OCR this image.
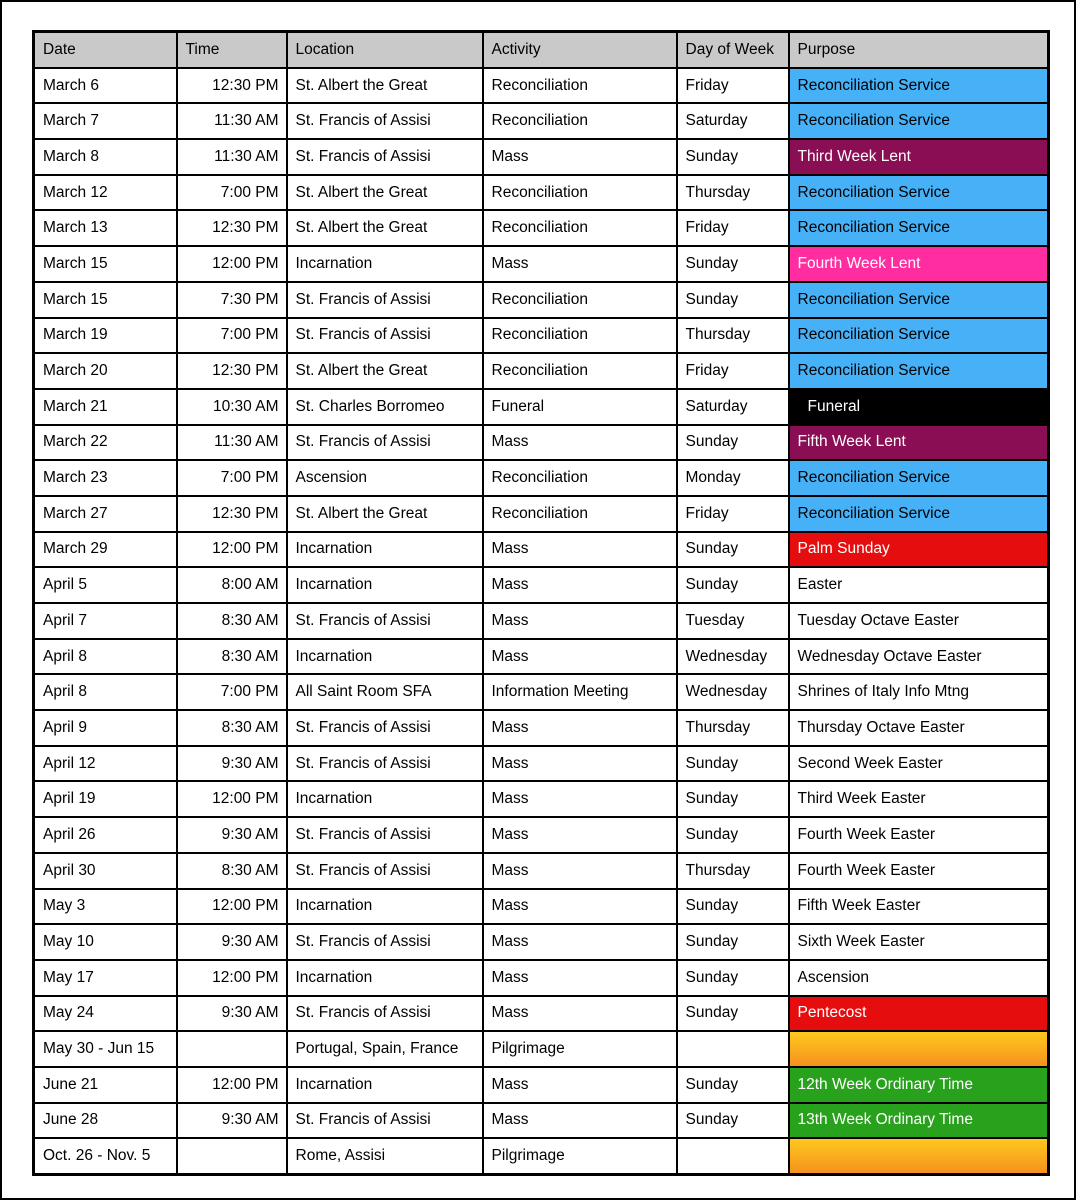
Date	Time	Location	Activity	Day of Week	Purpose
March 6	12:30 PM	St. Albert the Great	Reconciliation	Friday	Reconciliation Service
March 7	11:30 AM	St. Francis of Assisi	Reconciliation	Saturday	Reconciliation Service
March 8	11:30 AM	St. Francis of Assisi	Mass	Sunday	Third Week Lent
March 12	7:00 PM	St. Albert the Great	Reconciliation	Thursday	Reconciliation Service
March 13	12:30 PM	St. Albert the Great	Reconciliation	Friday	Reconciliation Service
March 15	12:00 PM	Incarnation	Mass	Sunday	Fourth Week Lent
March 15	7:30 PM	St. Francis of Assisi	Reconciliation	Sunday	Reconciliation Service
March 19	7:00 PM	St. Francis of Assisi	Reconciliation	Thursday	Reconciliation Service
March 20	12:30 PM	St. Albert the Great	Reconciliation	Friday	Reconciliation Service
March 21	10:30 AM	St. Charles Borromeo	Funeral	Saturday	Funeral
March 22	11:30 AM	St. Francis of Assisi	Mass	Sunday	Fifth Week Lent
March 23	7:00 PM	Ascension	Reconciliation	Monday	Reconciliation Service
March 27	12:30 PM	St. Albert the Great	Reconciliation	Friday	Reconciliation Service
March 29	12:00 PM	Incarnation	Mass	Sunday	Palm Sunday
April 5	8:00 AM	Incarnation	Mass	Sunday	Easter
April 7	8:30 AM	St. Francis of Assisi	Mass	Tuesday	Tuesday Octave Easter
April 8	8:30 AM	Incarnation	Mass	Wednesday	Wednesday Octave Easter
April 8	7:00 PM	All Saint Room SFA	Information Meeting	Wednesday	Shrines of Italy Info Mtng
April 9	8:30 AM	St. Francis of Assisi	Mass	Thursday	Thursday Octave Easter
April 12	9:30 AM	St. Francis of Assisi	Mass	Sunday	Second Week Easter
April 19	12:00 PM	Incarnation	Mass	Sunday	Third Week Easter
April 26	9:30 AM	St. Francis of Assisi	Mass	Sunday	Fourth Week Easter
April 30	8:30 AM	St. Francis of Assisi	Mass	Thursday	Fourth Week Easter
May 3	12:00 PM	Incarnation	Mass	Sunday	Fifth Week Easter
May 10	9:30 AM	St. Francis of Assisi	Mass	Sunday	Sixth Week Easter
May 17	12:00 PM	Incarnation	Mass	Sunday	Ascension
May 24	9:30 AM	St. Francis of Assisi	Mass	Sunday	Pentecost
May 30 - Jun 15		Portugal, Spain, France	Pilgrimage		
June 21	12:00 PM	Incarnation	Mass	Sunday	12th Week Ordinary Time
June 28	9:30 AM	St. Francis of Assisi	Mass	Sunday	13th Week Ordinary Time
Oct. 26 - Nov. 5		Rome, Assisi	Pilgrimage		
